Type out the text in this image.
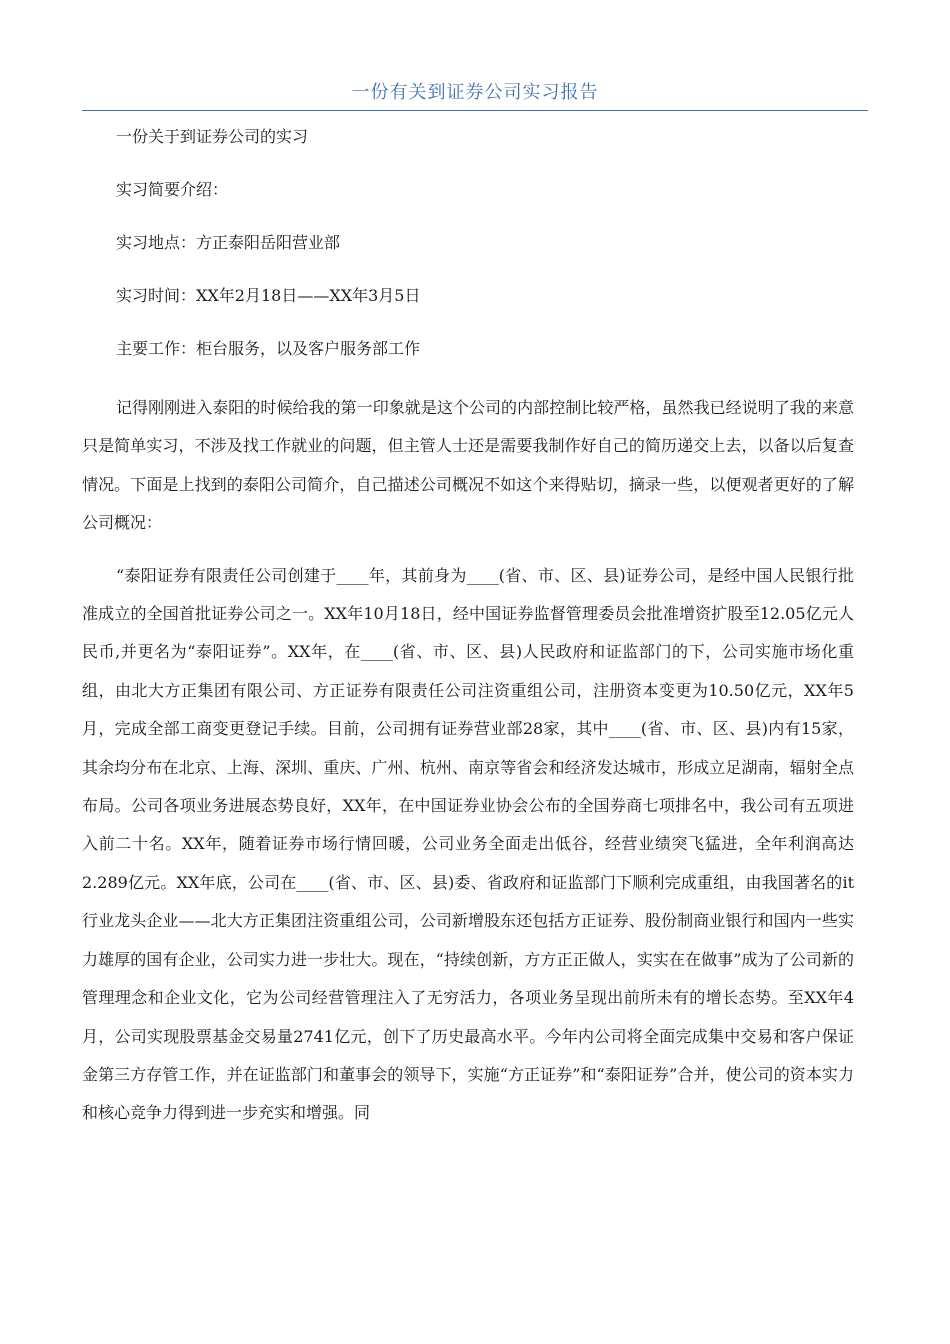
一份有关到证券公司实习报告

一份关于到证券公司的实习

实习简要介绍：

实习地点：方正泰阳岳阳营业部

实习时间：XX年2月18日——XX年3月5日

主要工作：柜台服务，以及客户服务部工作

记得刚刚进入泰阳的时候给我的第一印象就是这个公司的内部控制比较严格，虽然我已经说明了我的来意只是简单实习，不涉及找工作就业的问题，但主管人士还是需要我制作好自己的简历递交上去，以备以后复查情况。下面是上找到的泰阳公司简介，自己描述公司概况不如这个来得贴切，摘录一些，以便观者更好的了解公司概况：

“泰阳证券有限责任公司创建于____年，其前身为____(省、市、区、县)证券公司，是经中国人民银行批准成立的全国首批证券公司之一。XX年10月18日，经中国证券监督管理委员会批准增资扩股至12.05亿元人民币,并更名为“泰阳证券”。XX年，在____(省、市、区、县)人民政府和证监部门的下，公司实施市场化重组，由北大方正集团有限公司、方正证券有限责任公司注资重组公司，注册资本变更为10.50亿元，XX年5月，完成全部工商变更登记手续。目前，公司拥有证券营业部28家，其中____(省、市、区、县)内有15家，其余均分布在北京、上海、深圳、重庆、广州、杭州、南京等省会和经济发达城市，形成立足湖南，辐射全点布局。公司各项业务进展态势良好，XX年，在中国证券业协会公布的全国券商七项排名中，我公司有五项进入前二十名。XX年，随着证券市场行情回暖，公司业务全面走出低谷，经营业绩突飞猛进，全年利润高达2.289亿元。XX年底，公司在____(省、市、区、县)委、省政府和证监部门下顺利完成重组，由我国著名的it行业龙头企业——北大方正集团注资重组公司，公司新增股东还包括方正证券、股份制商业银行和国内一些实力雄厚的国有企业，公司实力进一步壮大。现在，“持续创新，方方正正做人，实实在在做事”成为了公司新的管理理念和企业文化，它为公司经营管理注入了无穷活力，各项业务呈现出前所未有的增长态势。至XX年4月，公司实现股票基金交易量2741亿元，创下了历史最高水平。今年内公司将全面完成集中交易和客户保证金第三方存管工作，并在证监部门和董事会的领导下，实施“方正证券”和“泰阳证券”合并，使公司的资本实力和核心竞争力得到进一步充实和增强。同
